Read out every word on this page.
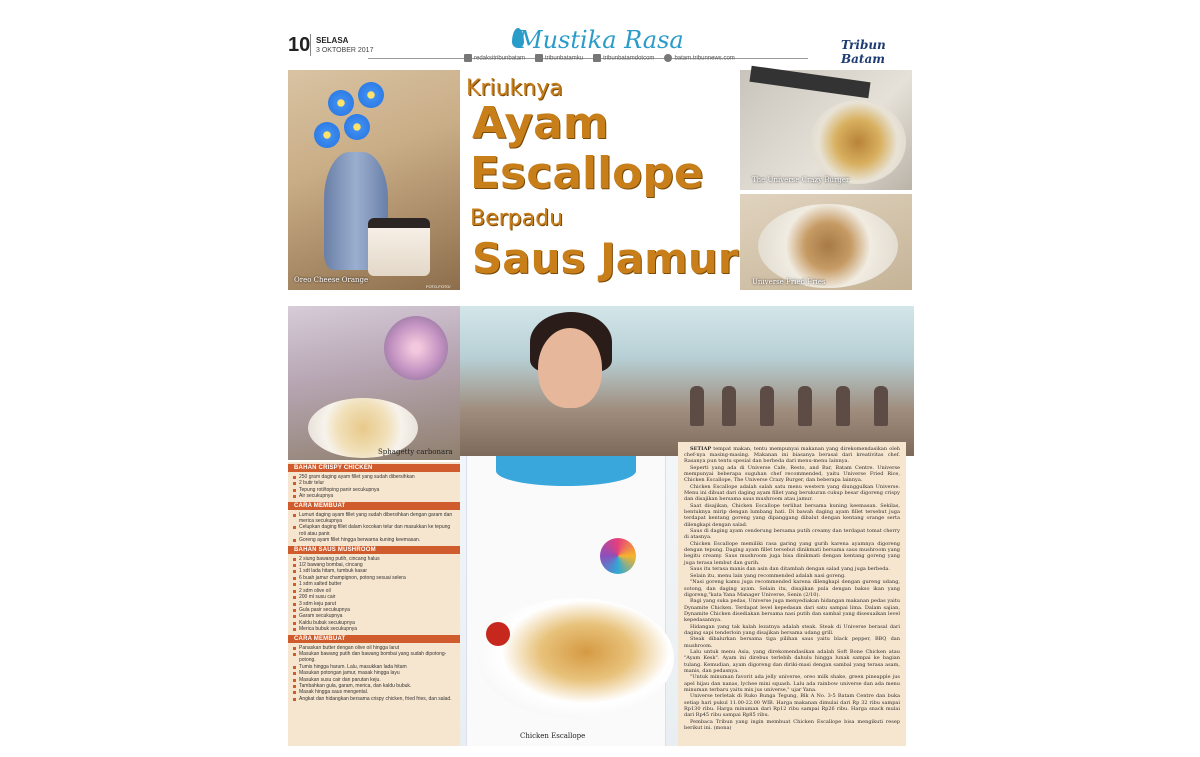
10 SELASA
3 OKTOBER 2017	Mustika Rasa
redaksitribunbatam	tribunbatamku	tribunbatamdotcom	batam.tribunnews.com
Tribun Batam
Oreo Cheese Orange
FOTO-FOTO/ MONA
The Universe Crazy Burger
Universe Fried Fries
Kriuknya
Ayam
Escallope
Berpadu
Saus Jamur
Sphagetty carbonara
Chicken Escallope
BAHAN CRISPY CHICKEN
250 gram daging ayam fillet yang sudah dibersihkan
2 butir telur
Tepung roti/toping panir secukupnya
Air secukupnya
CARA MEMBUAT
Lumuri daging ayam fillet yang sudah dibersihkan dengan garam dan merica secukupnya
Celupkan daging fillet dalam kocokan telur dan masukkan ke tepung roti atau panir.
Goreng ayam fillet hingga berwarna kuning keemasan.
BAHAN SAUS MUSHROOM
2 siung bawang putih, cincang halus
1/2 bawang bombai, cincang
1 sdt lada hitam, tumbuk kasar
6 buah jamur champignon, potong sesuai selera
1 sdm salted butter
2 sdm olive oil
200 ml susu cair
3 sdm keju parut
Gula pasir secukupnya
Garam secukupnya
Kaldu bubuk secukupnya
Merica bubuk secukupnya
CARA MEMBUAT
Panaskan butter dengan olive oil hingga larut
Masukan bawang putih dan bawang bombai yang sudah dipotong-potong.
Tumis hingga harum. Lalu, masukkan lada hitam
Masukan potongan jamur, masak hingga layu
Masukan susu cair dan parutan keju.
Tambahkan gula, garam, merica, dan kaldu bubuk.
Masak hingga saus mengental.
Angkat dan hidangkan bersama crispy chicken, fried fries, dan salad.
SETIAP tempat makan, tentu mempunyai makanan yang direkomendasikan oleh chef-nya masing-masing. Makanan ini biasanya berasal dari kreativitas chef. Rasanya pun tentu spesial dan berbeda dari menu-menu lainnya.
Seperti yang ada di Universe Cafe, Resto, and Bar, Batam Centre. Universe mempunyai beberapa suguhan chef recommended, yaitu Universe Fried Rice, Chicken Escallope, The Universe Crazy Burger, dan beberapa lainnya.
Chicken Escallope adalah salah satu menu western yang diunggulkan Universe. Menu ini dibuat dari daging ayam fillet yang berukuran cukup besar digoreng crispy dan disajikan bersama saus mushroom atau jamur.
Saat disajikan, Chicken Escallope terlihat bersama kuning keemasan. Sekilas, bentuknya mirip dengan lumbang hati. Di bawah daging ayam fillet tersebut juga terdapat kentang goreng yang dipanggang dibalut dengan kentang orange serta dilengkapi dengan salad.
Saus di daging ayam cenderung bersama putih creamy dan terdapat tomat cherry di atasnya.
Chicken Escallope memiliki rasa garing yang gurih karena ayamnya digoreng dengan tepung. Daging ayam fillet tersebut dinikmati bersama saus mushroom yang begitu creamy. Saus mushroom juga bisa dinikmati dengan kentang goreng yang juga terasa lembut dan gurih.
Saus itu terasa manis dan asin dan ditambah dengan salad yang juga berbeda.
Selain itu, menu lain yang recommended adalah nasi goreng.
"Nasi goreng kamu juga recommended karena dilengkapi dengan gureng udang, sotong, dan daging ayam. Selain itu, disajikan pula dengan bakso ikan yang digoreng,"kata Yana Manager Universe, Senin (2/10).
Bagi yang suka pedas, Universe juga menyediakan hidangan makanan pedas yaitu Dynamite Chicken. Terdapat level kepedasan dari satu sampai lima. Dalam sajian, Dynamite Chicken disediakan bersama nasi putih dan sambal yang disesuaikan level kepedasannya.
Hidangan yang tak kalah lezatnya adalah steak. Steak di Universe berasal dari daging sapi tenderloin yang disajikan bersama udang grill.
Steak dibalurkan bersama tiga pilihan saus yaitu black pepper, BBQ dan mushroom.
Lalu untuk menu Asia, yang direkomendasikan adalah Soft Bone Chicken atau "Ayam Kesk". Ayam ini direbus terlebih dahulu hingga lunak sampai ke bagian tulang. Kemudian, ayam digoreng dan diriki-masi dengan sambal yang terasa asam, manis, dan pedasnya.
"Untuk minuman favorit ada jelly universe, oreo milk shake, green pineapple jus apel hijau dan nanas, lychee mini squash. Lalu ada rainbow universe dan ada menu minuman terbaru yaitu mix jus universe," ujar Yana.
Universe terletak di Ruko Bunga Tegung, Blk A No. 3-5 Batam Centre dan buka setiap hari pukul 11.00-22.00 WIB. Harga makanan dimulai dari Rp 32 ribu sampai Rp130 ribu. Harga minuman dari Rp12 ribu sampai Rp26 ribu. Harga snack mulai dari Rp45 ribu sampai Rp85 ribu.
Pembaca Tribun yang ingin membuat Chicken Escallope bisa mengikuti resep berikut ini. (mona)
